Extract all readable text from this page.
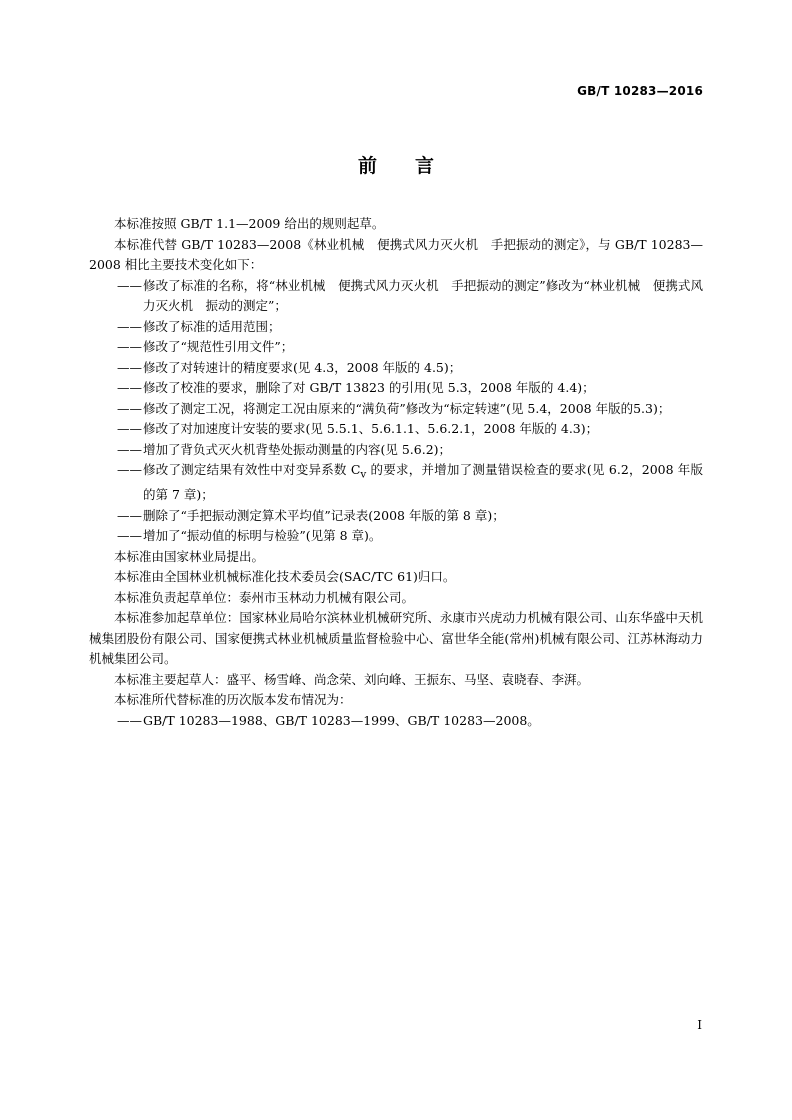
GB/T 10283—2016
前 言

本标准按照 GB/T 1.1—2009 给出的规则起草。

本标准代替 GB/T 10283—2008《林业机械　便携式风力灭火机　手把振动的测定》，与 GB/T 10283—2008 相比主要技术变化如下：

—— 修改了标准的名称，将“林业机械　便携式风力灭火机　手把振动的测定”修改为“林业机械　便携式风力灭火机　振动的测定”；

—— 修改了标准的适用范围；

—— 修改了“规范性引用文件”；

—— 修改了对转速计的精度要求(见 4.3，2008 年版的 4.5)；

—— 修改了校准的要求，删除了对 GB/T 13823 的引用(见 5.3，2008 年版的 4.4)；

—— 修改了测定工况，将测定工况由原来的“满负荷”修改为“标定转速”(见 5.4，2008 年版的5.3)；

—— 修改了对加速度计安装的要求(见 5.5.1、5.6.1.1、5.6.2.1，2008 年版的 4.3)；

—— 增加了背负式灭火机背垫处振动测量的内容(见 5.6.2)；

—— 修改了测定结果有效性中对变异系数 $C_v$ 的要求，并增加了测量错误检查的要求(见 6.2，2008 年版的第 7 章)；

—— 删除了“手把振动测定算术平均值”记录表(2008 年版的第 8 章)；

—— 增加了“振动值的标明与检验”(见第 8 章)。

本标准由国家林业局提出。

本标准由全国林业机械标准化技术委员会(SAC/TC 61)归口。

本标准负责起草单位：泰州市玉林动力机械有限公司。

本标准参加起草单位：国家林业局哈尔滨林业机械研究所、永康市兴虎动力机械有限公司、山东华盛中天机械集团股份有限公司、国家便携式林业机械质量监督检验中心、富世华全能(常州)机械有限公司、江苏林海动力机械集团公司。

本标准主要起草人：盛平、杨雪峰、尚念荣、刘向峰、王振东、马坚、袁晓春、李湃。

本标准所代替标准的历次版本发布情况为：

—— GB/T 10283—1988、GB/T 10283—1999、GB/T 10283—2008。

I
